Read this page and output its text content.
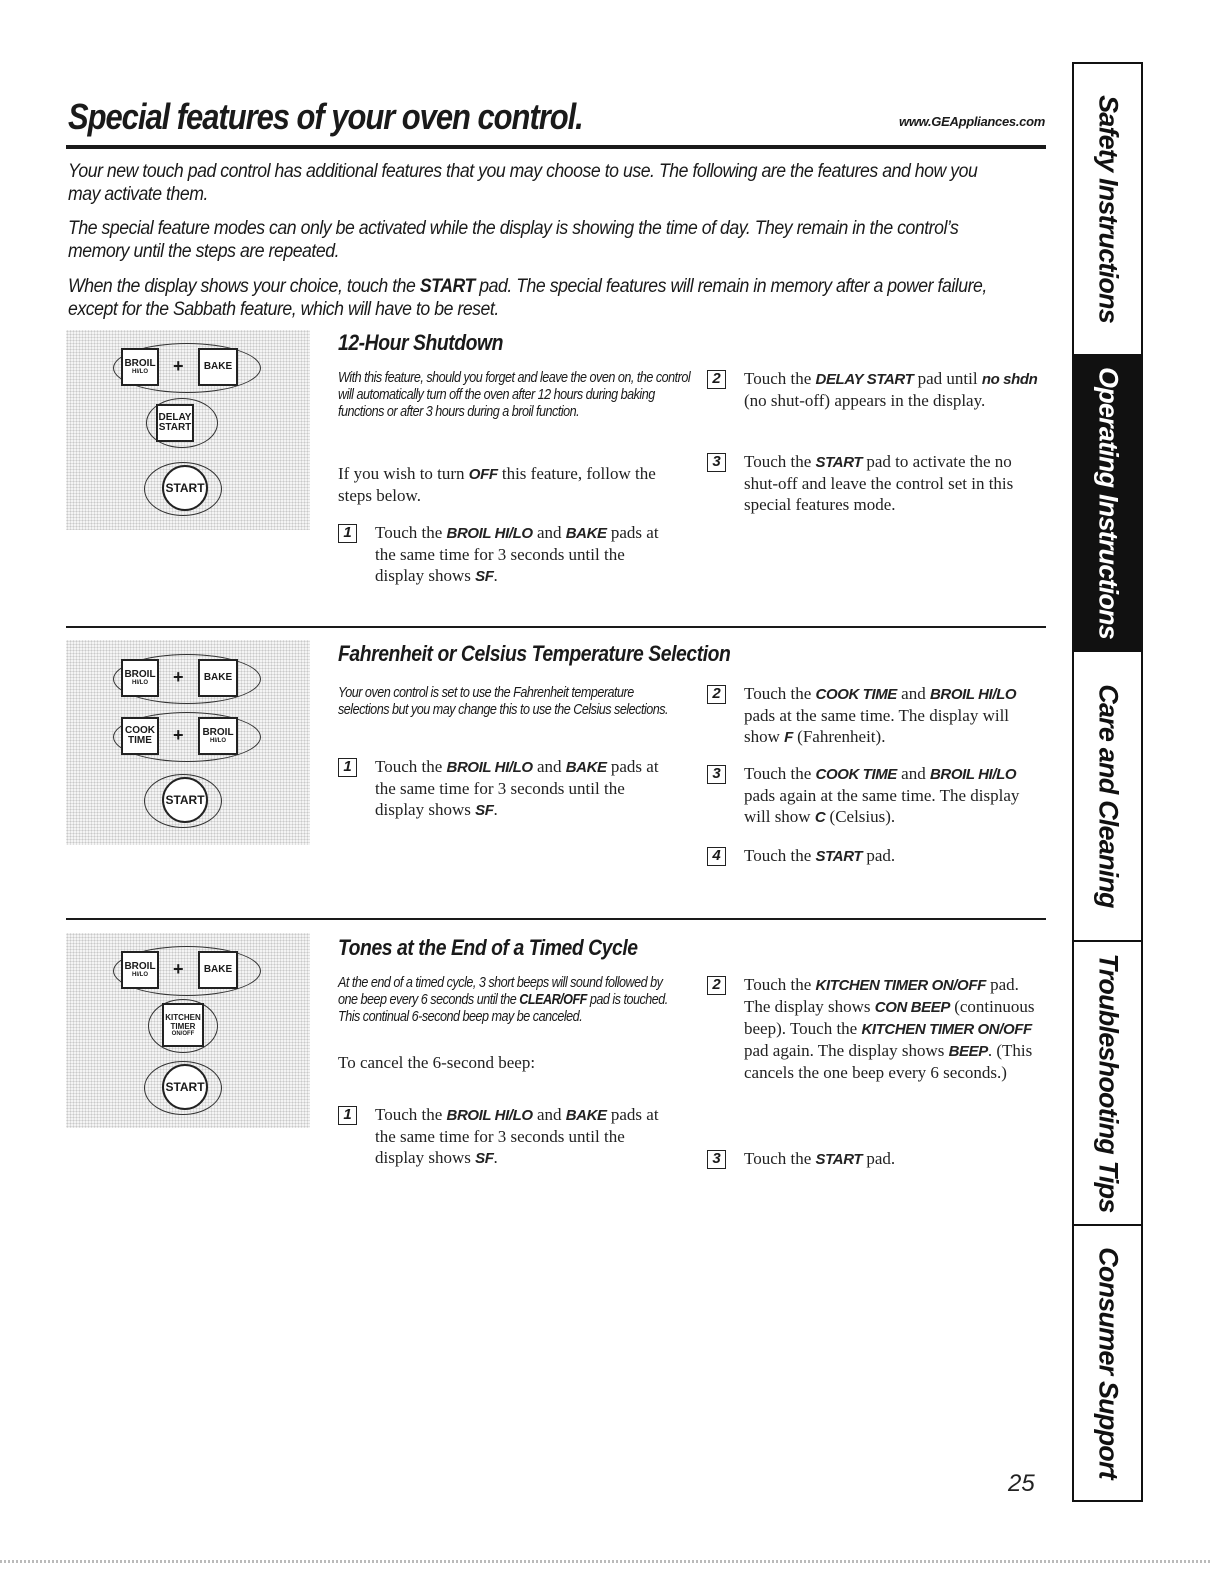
Special features of your oven control.	www.GEAppliances.com

Your new touch pad control has additional features that you may choose to use. The following are the features and how you may activate them.

The special feature modes can only be activated while the display is showing the time of day. They remain in the control’s memory until the steps are repeated.

When the display shows your choice, touch the START pad. The special features will remain in memory after a power failure, except for the Sabbath feature, which will have to be reset.

BROIL
HI/LO + BAKE
DELAY
START
START
12-Hour Shutdown

With this feature, should you forget and leave the oven on, the control will automatically turn off the oven after 12 hours during baking functions or after 3 hours during a broil function.

If you wish to turn OFF this feature, follow the steps below.

1	Touch the BROIL HI/LO and BAKE pads at the same time for 3 seconds until the display shows SF.

2	Touch the DELAY START pad until no shdn (no shut-off) appears in the display.

3	Touch the START pad to activate the no shut-off and leave the control set in this special features mode.

BROIL
HI/LO + BAKE
COOK
TIME + BROIL
HI/LO
START
Fahrenheit or Celsius Temperature Selection

Your oven control is set to use the Fahrenheit temperature selections but you may change this to use the Celsius selections.

1	Touch the BROIL HI/LO and BAKE pads at the same time for 3 seconds until the display shows SF.

2	Touch the COOK TIME and BROIL HI/LO pads at the same time. The display will show F (Fahrenheit).

3	Touch the COOK TIME and BROIL HI/LO pads again at the same time. The display will show C (Celsius).

4	Touch the START pad.

BROIL
HI/LO + BAKE
KITCHEN
TIMER
ON/OFF
START
Tones at the End of a Timed Cycle

At the end of a timed cycle, 3 short beeps will sound followed by one beep every 6 seconds until the CLEAR/OFF pad is touched. This continual 6-second beep may be canceled.

To cancel the 6-second beep:

1	Touch the BROIL HI/LO and BAKE pads at the same time for 3 seconds until the display shows SF.

2	Touch the KITCHEN TIMER ON/OFF pad. The display shows CON BEEP (continuous beep). Touch the KITCHEN TIMER ON/OFF pad again. The display shows BEEP. (This cancels the one beep every 6 seconds.)

3	Touch the START pad.

Safety Instructions
Operating Instructions
Care and Cleaning
Troubleshooting Tips
Consumer Support
25
